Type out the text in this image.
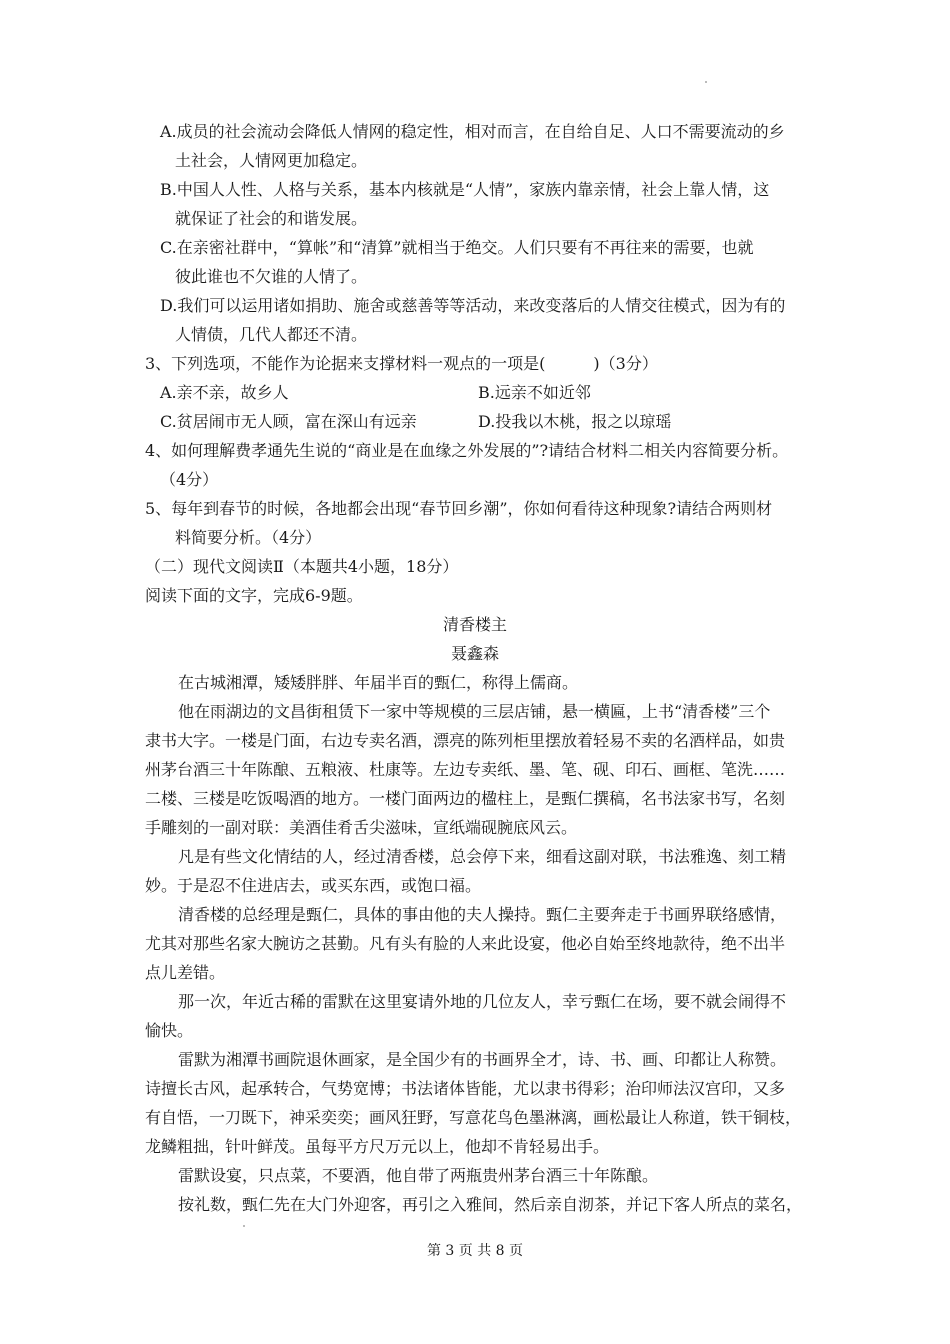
A.成员的社会流动会降低人情网的稳定性，相对而言，在自给自足、人口不需要流动的乡
土社会，人情网更加稳定。
B.中国人人性、人格与关系，基本内核就是“人情”，家族内靠亲情，社会上靠人情，这
就保证了社会的和谐发展。
C.在亲密社群中，“算帐”和“清算”就相当于绝交。人们只要有不再往来的需要，也就
彼此谁也不欠谁的人情了。
D.我们可以运用诸如捐助、施舍或慈善等等活动，来改变落后的人情交往模式，因为有的
人情债，几代人都还不清。
3、下列选项，不能作为论据来支撑材料一观点的一项是(　　　)（3分）
A.亲不亲，故乡人	B.远亲不如近邻
C.贫居闹市无人顾，富在深山有远亲	D.投我以木桃，报之以琼瑶
4、如何理解费孝通先生说的“商业是在血缘之外发展的”?请结合材料二相关内容简要分析。
（4分）
5、每年到春节的时候，各地都会出现“春节回乡潮”，你如何看待这种现象?请结合两则材
料简要分析。（4分）
（二）现代文阅读Ⅱ（本题共4小题，18分）
阅读下面的文字，完成6-9题。
清香楼主
聂鑫森
在古城湘潭，矮矮胖胖、年届半百的甄仁，称得上儒商。
他在雨湖边的文昌街租赁下一家中等规模的三层店铺，悬一横匾，上书“清香楼”三个
隶书大字。一楼是门面，右边专卖名酒，漂亮的陈列柜里摆放着轻易不卖的名酒样品，如贵
州茅台酒三十年陈酿、五粮液、杜康等。左边专卖纸、墨、笔、砚、印石、画框、笔洗……
二楼、三楼是吃饭喝酒的地方。一楼门面两边的楹柱上，是甄仁撰稿，名书法家书写，名刻
手雕刻的一副对联：美酒佳肴舌尖滋味，宣纸端砚腕底风云。
凡是有些文化情结的人，经过清香楼，总会停下来，细看这副对联，书法雅逸、刻工精
妙。于是忍不住进店去，或买东西，或饱口福。
清香楼的总经理是甄仁，具体的事由他的夫人操持。甄仁主要奔走于书画界联络感情，
尤其对那些名家大腕访之甚勤。凡有头有脸的人来此设宴，他必自始至终地款待，绝不出半
点儿差错。
那一次，年近古稀的雷默在这里宴请外地的几位友人，幸亏甄仁在场，要不就会闹得不
愉快。
雷默为湘潭书画院退休画家，是全国少有的书画界全才，诗、书、画、印都让人称赞。
诗擅长古风，起承转合，气势宽博；书法诸体皆能，尤以隶书得彩；治印师法汉宫印，又多
有自悟，一刀既下，神采奕奕；画风狂野，写意花鸟色墨淋漓，画松最让人称道，铁干铜枝，
龙鳞粗拙，针叶鲜茂。虽每平方尺万元以上，他却不肯轻易出手。
雷默设宴，只点菜，不要酒，他自带了两瓶贵州茅台酒三十年陈酿。
按礼数，甄仁先在大门外迎客，再引之入雅间，然后亲自沏茶，并记下客人所点的菜名，
第 3 页 共 8 页
